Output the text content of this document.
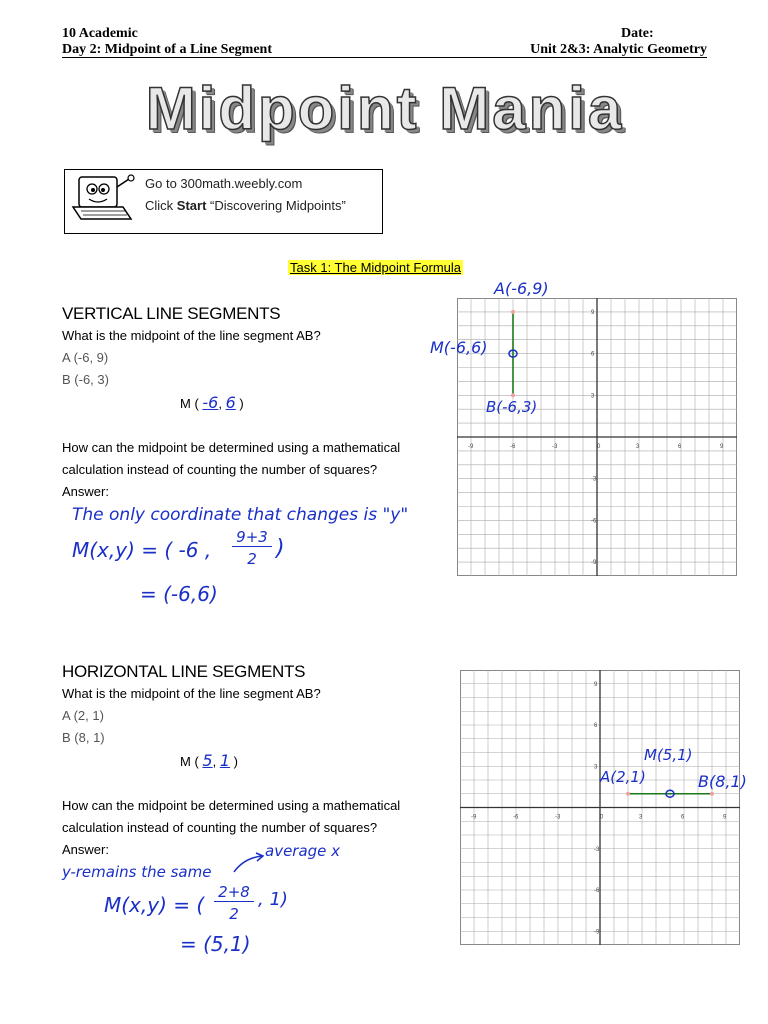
10 Academic
Day 2: Midpoint of a Line Segment
Date:
Unit 2&3: Analytic Geometry
Midpoint Mania
Go to 300math.weebly.com
Click Start “Discovering Midpoints”
Task 1: The Midpoint Formula
VERTICAL LINE SEGMENTS
What is the midpoint of the line segment AB?
A (-6, 9)
B (-6, 3)
M ( -6, 6 )
How can the midpoint be determined using a mathematical
calculation instead of counting the number of squares?
Answer:
The only coordinate that changes is "y"
M(x,y) = ( -6 ,
9+3
2 )
= (-6,6)
-9	-6	-3	0	3	6	9
9
6
3
-3
-6
-9
A(-6,9)
M(-6,6)
B(-6,3)
HORIZONTAL LINE SEGMENTS
What is the midpoint of the line segment AB?
A (2, 1)
B (8, 1)
M ( 5, 1 )
How can the midpoint be determined using a mathematical
calculation instead of counting the number of squares?
Answer:
y-remains the same
average x
M(x,y) = (
2+8
2
, 1)
= (5,1)
-9	-6	-3	0	3	6	9
9
6
3
-3
-6
-9
A(2,1)
M(5,1)
B(8,1)
